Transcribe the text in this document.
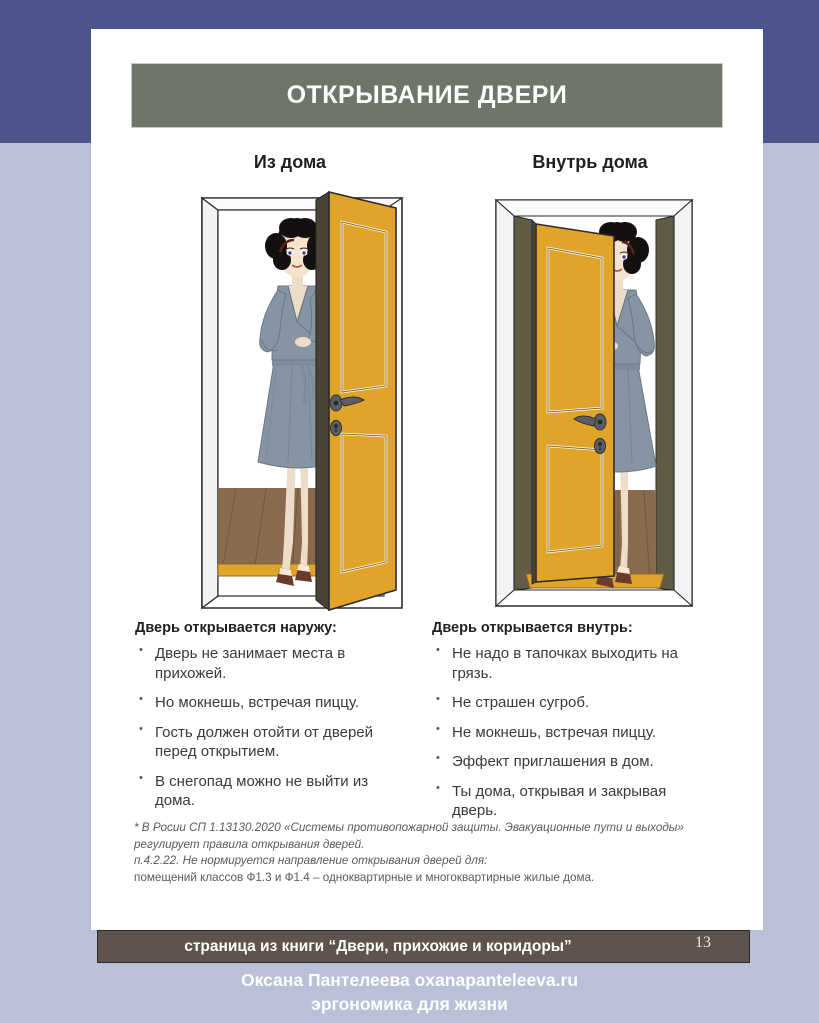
ОТКРЫВАНИЕ ДВЕРИ
Из дома	Внутрь дома
Дверь открывается наружу:
• Дверь не занимает места в прихожей.
• Но мокнешь, встречая пиццу.
• Гость должен отойти от дверей перед открытием.
• В снегопад можно не выйти из дома.
Дверь открывается внутрь:
• Не надо в тапочках выходить на грязь.
• Не страшен сугроб.
• Не мокнешь, встречая пиццу.
• Эффект приглашения в дом.
• Ты дома, открывая и закрывая дверь.

* В Росии СП 1.13130.2020 «Системы противопожарной защиты. Эвакуационные пути и выходы» регулирует правила открывания дверей.

п.4.2.22. Не нормируется направление открывания дверей для:

помещений классов Ф1.3 и Ф1.4 – одноквартирные и многоквартирные жилые дома.

страница из книги “Двери, прихожие и коридоры”	13
Оксана Пантелеева oxanapanteleeva.ru
эргономика для жизни
